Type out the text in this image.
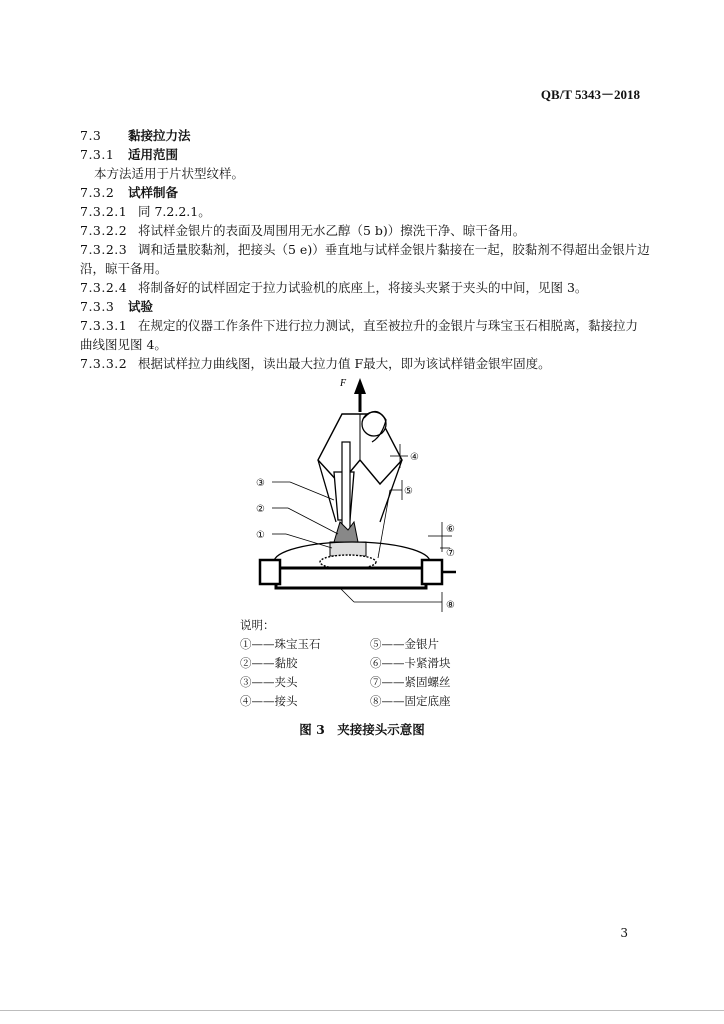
QB/T 5343－2018
7.3 黏接拉力法
7.3.1 适用范围
本方法适用于片状型纹样。
7.3.2 试样制备
7.3.2.1 同 7.2.2.1。
7.3.2.2 将试样金银片的表面及周围用无水乙醇（5 b)）擦洗干净、晾干备用。
7.3.2.3 调和适量胶黏剂，把接头（5 e)）垂直地与试样金银片黏接在一起，胶黏剂不得超出金银片边
沿，晾干备用。
7.3.2.4 将制备好的试样固定于拉力试验机的底座上，将接头夹紧于夹头的中间，见图 3。
7.3.3 试验
7.3.3.1 在规定的仪器工作条件下进行拉力测试，直至被拉升的金银片与珠宝玉石相脱离，黏接拉力
曲线图见图 4。
7.3.3.2 根据试样拉力曲线图，读出最大拉力值 F最大，即为该试样错金银牢固度。
F
③
②
①
④
⑤
⑥
⑦
⑧
说明：
①——珠宝玉石	⑤——金银片
②——黏胶	⑥——卡紧滑块
③——夹头	⑦——紧固螺丝
④——接头	⑧——固定底座
图 3　夹接接头示意图
3
